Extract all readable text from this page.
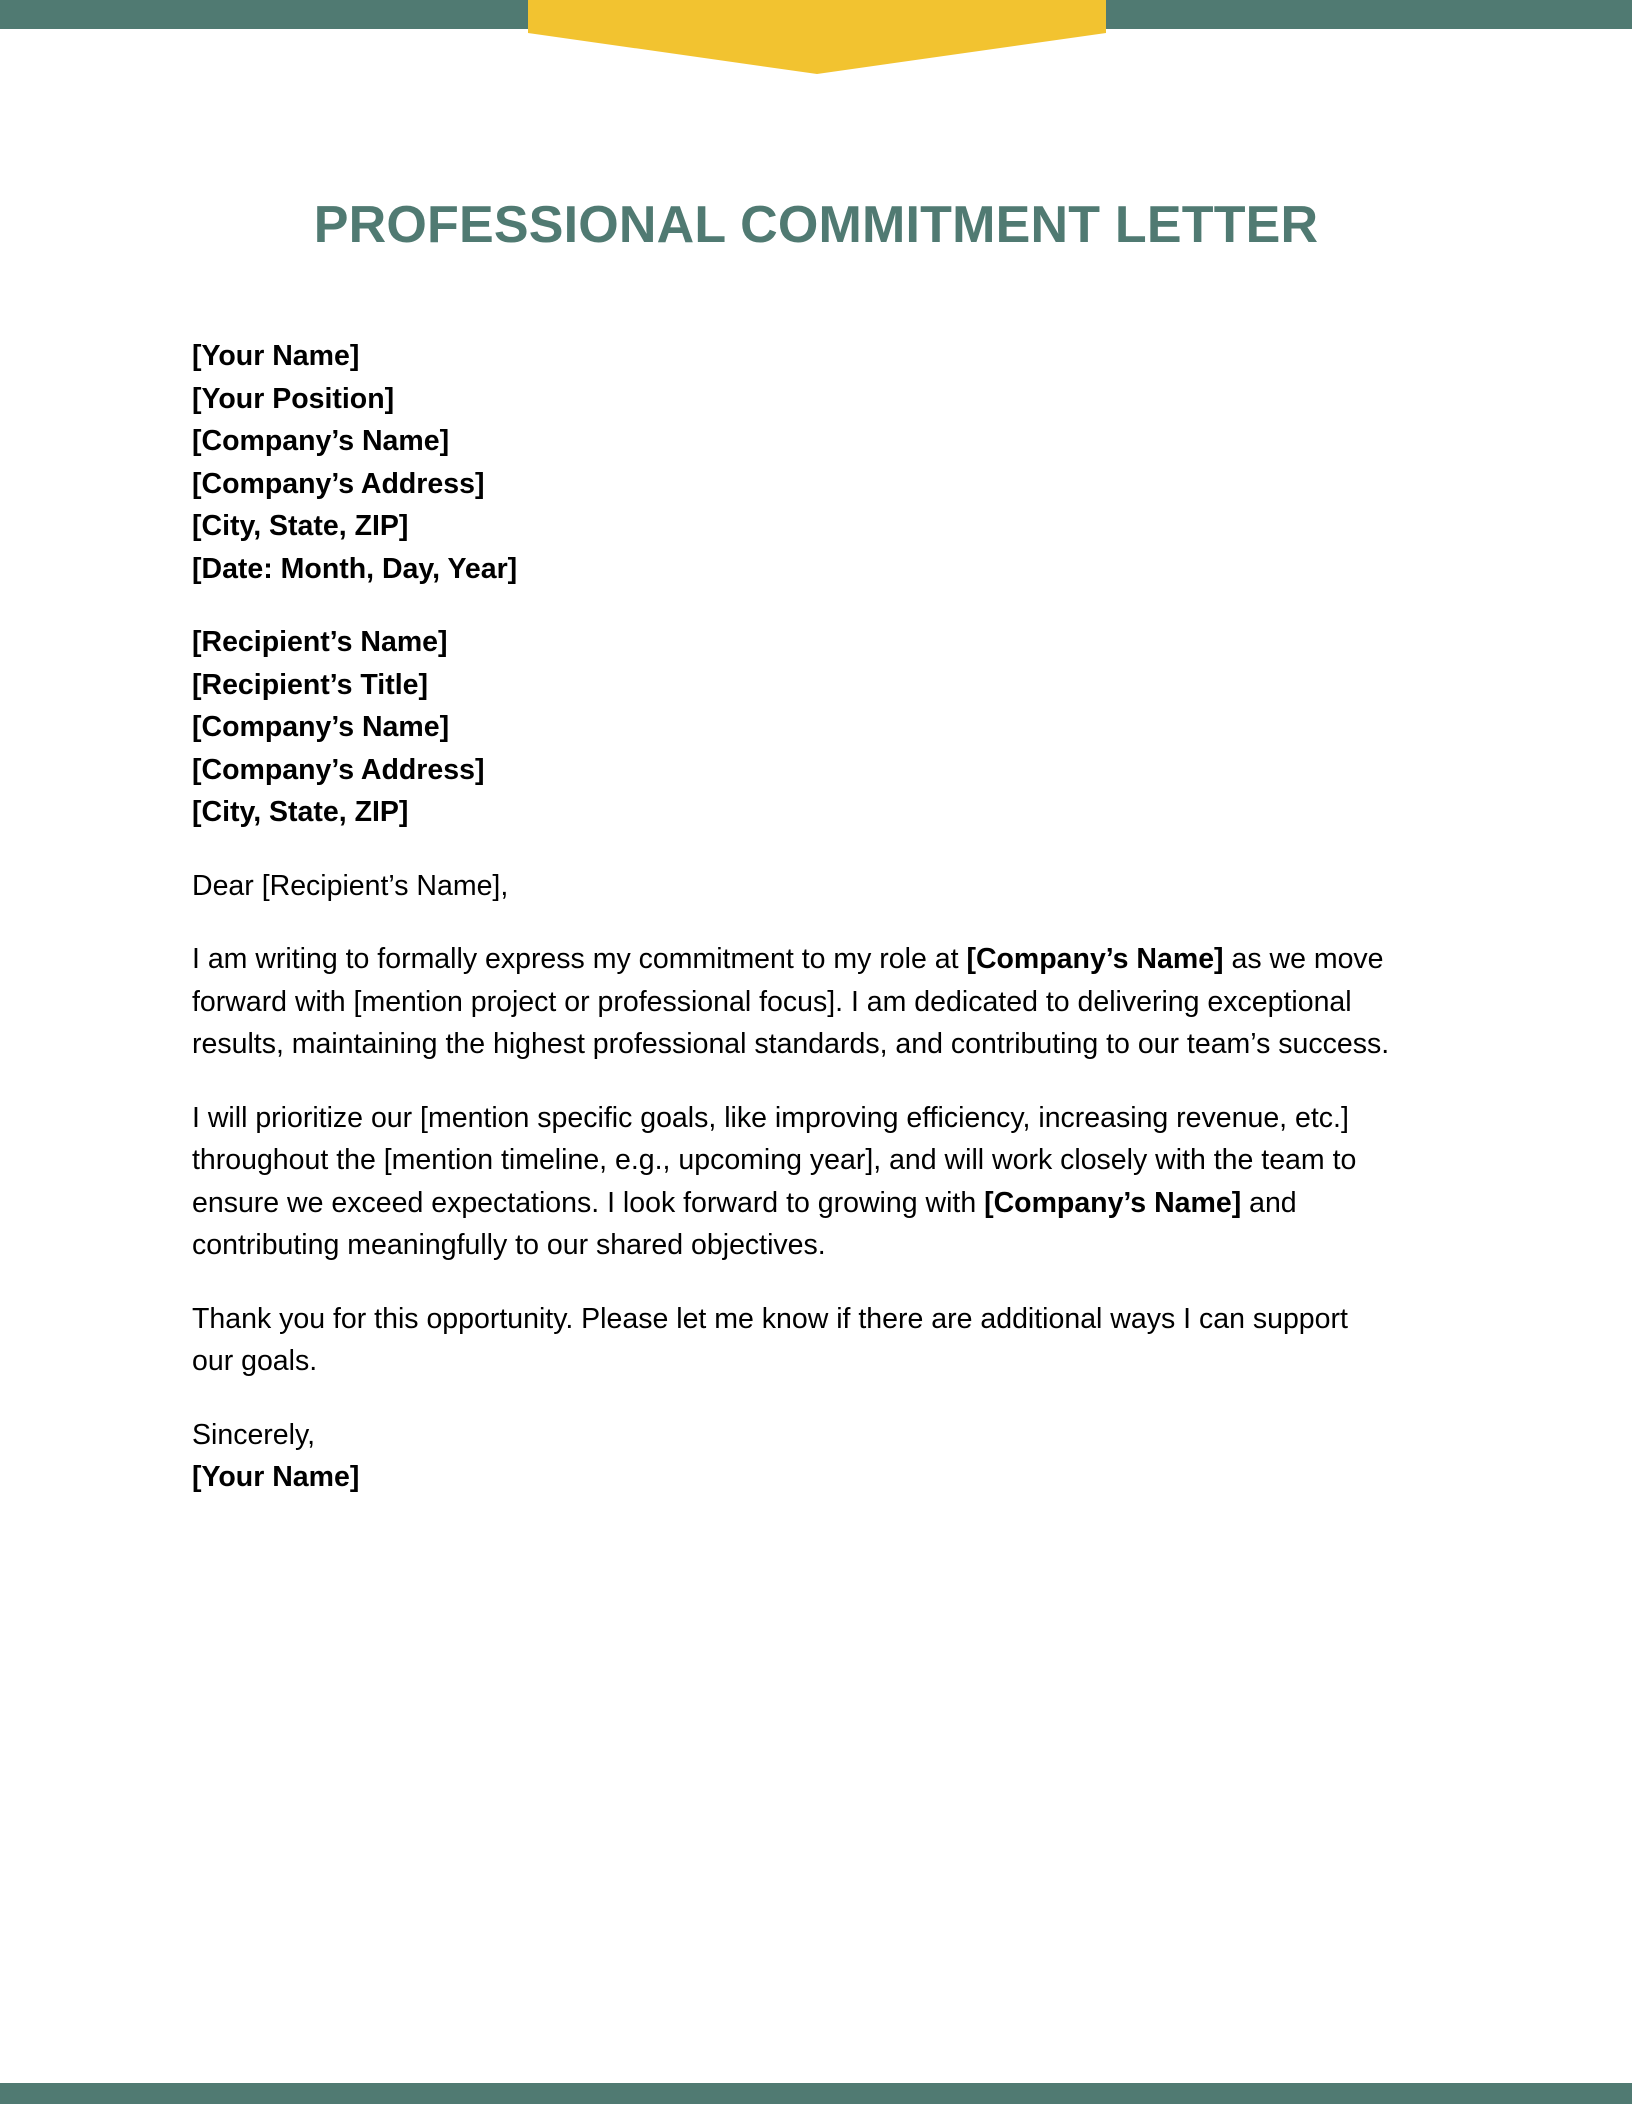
PROFESSIONAL COMMITMENT LETTER
[Your Name]
[Your Position]
[Company’s Name]
[Company’s Address]
[City, State, ZIP]
[Date: Month, Day, Year]
[Recipient’s Name]
[Recipient’s Title]
[Company’s Name]
[Company’s Address]
[City, State, ZIP]

Dear [Recipient’s Name],

I am writing to formally express my commitment to my role at [Company’s Name] as we move
forward with [mention project or professional focus]. I am dedicated to delivering exceptional
results, maintaining the highest professional standards, and contributing to our team’s success.

I will prioritize our [mention specific goals, like improving efficiency, increasing revenue, etc.]
throughout the [mention timeline, e.g., upcoming year], and will work closely with the team to
ensure we exceed expectations. I look forward to growing with [Company’s Name] and
contributing meaningfully to our shared objectives.

Thank you for this opportunity. Please let me know if there are additional ways I can support
our goals.

Sincerely,
[Your Name]
